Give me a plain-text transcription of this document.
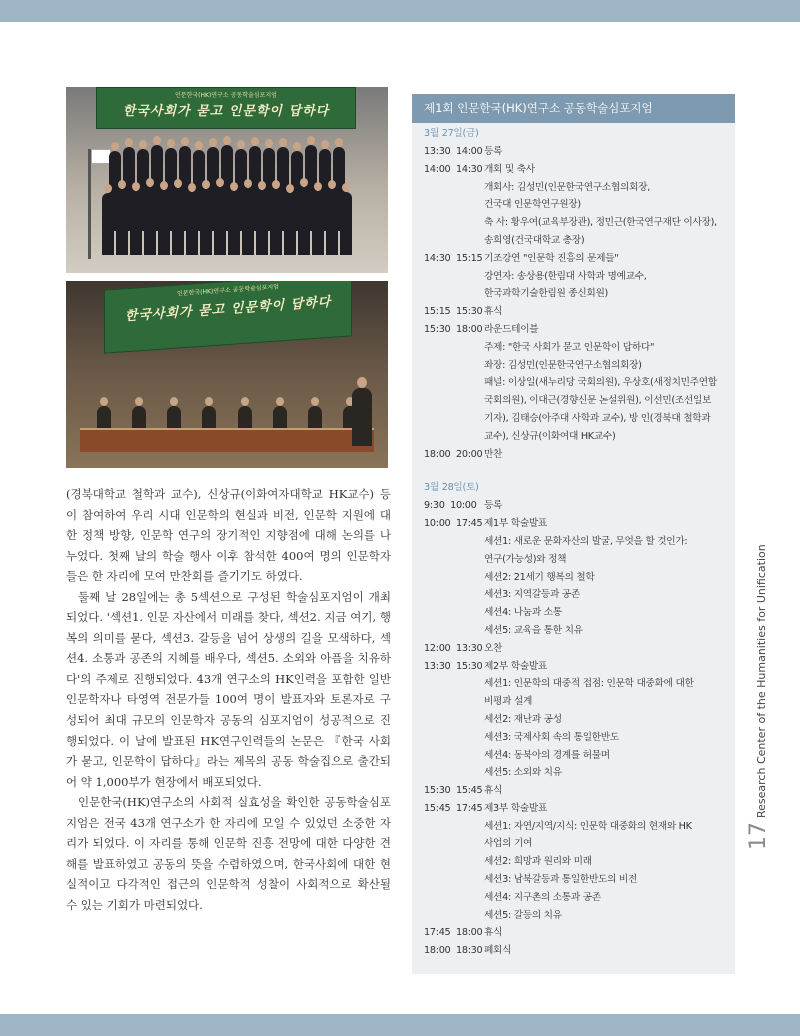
인문한국(HK)연구소 공동학술심포지엄
한국사회가 묻고 인문학이 답하다
인문한국(HK)연구소 공동학술심포지엄
한국사회가 묻고 인문학이 답하다

(경북대학교 철학과 교수), 신상규(이화여자대학교 HK교수) 등이 참여하여 우리 시대 인문학의 현실과 비전, 인문학 지원에 대한 정책 방향, 인문학 연구의 장기적인 지향점에 대해 논의를 나누었다. 첫째 날의 학술 행사 이후 참석한 400여 명의 인문학자들은 한 자리에 모여 만찬회를 즐기기도 하였다.

둘째 날 28일에는 총 5섹션으로 구성된 학술심포지엄이 개최되었다. '섹션1. 인문 자산에서 미래를 찾다, 섹션2. 지금 여기, 행복의 의미를 묻다, 섹션3. 갈등을 넘어 상생의 길을 모색하다, 섹션4. 소통과 공존의 지혜를 배우다, 섹션5. 소외와 아픔을 치유하다'의 주제로 진행되었다. 43개 연구소의 HK인력을 포함한 일반 인문학자나 타영역 전문가들 100여 명이 발표자와 토론자로 구성되어 최대 규모의 인문학자 공동의 심포지엄이 성공적으로 진행되었다. 이 날에 발표된 HK연구인력들의 논문은 『한국 사회가 묻고, 인문학이 답하다』라는 제목의 공동 학술집으로 출간되어 약 1,000부가 현장에서 배포되었다.

인문한국(HK)연구소의 사회적 실효성을 확인한 공동학술심포지엄은 전국 43개 연구소가 한 자리에 모일 수 있었던 소중한 자리가 되었다. 이 자리를 통해 인문학 진흥 전망에 대한 다양한 견해를 발표하였고 공동의 뜻을 수렴하였으며, 한국사회에 대한 현실적이고 다각적인 접근의 인문학적 성찰이 사회적으로 확산될 수 있는 기회가 마련되었다.

제1회 인문한국(HK)연구소 공동학술심포지엄
3월 27일(금)
13:30  14:00 등록
14:00  14:30 개회 및 축사
개회사: 김성민(인문한국연구소협의회장,
건국대 인문학연구원장)
축 사: 황우여(교육부장관), 정민근(한국연구재단 이사장),
송희영(건국대학교 총장)
14:30  15:15 기조강연 "인문학 진흥의 문제들"
강연자: 송상용(한림대 사학과 명예교수,
한국과학기술한림원 종신회원)
15:15  15:30 휴식
15:30  18:00 라운드테이블
주제: "한국 사회가 묻고 인문학이 답하다"
좌장: 김성민(인문한국연구소협의회장)
패널: 이상일(새누리당 국회의원), 우상호(새정치민주연합
국회의원), 이대근(경향신문 논설위원), 이선민(조선일보
기자), 김태승(아주대 사학과 교수), 방 인(경북대 철학과
교수), 신상규(이화여대 HK교수)
18:00  20:00 만찬
3월 28일(토)
9:30  10:00 등록
10:00  17:45 제1부 학술발표
세션1: 새로운 문화자산의 발굴, 무엇을 할 것인가:
연구(가능성)와 정책
세션2: 21세기 행복의 철학
세션3: 지역갈등과 공존
세션4: 나눔과 소통
세션5: 교육을 통한 치유
12:00  13:30 오찬
13:30  15:30 제2부 학술발표
세션1: 인문학의 대중적 접점: 인문학 대중화에 대한
비평과 설계
세션2: 재난과 공성
세션3: 국제사회 속의 통일한반도
세션4: 동북아의 경계를 허물며
세션5: 소외와 치유
15:30  15:45 휴식
15:45  17:45 제3부 학술발표
세션1: 자연/지역/지식: 인문학 대중화의 현재와 HK
사업의 기여
세션2: 희망과 원리와 미래
세션3: 남북갈등과 통일한반도의 비전
세션4: 지구촌의 소통과 공존
세션5: 갈등의 치유
17:45  18:00 휴식
18:00  18:30 폐회식
17
Research Center of the Humanities for Unification
